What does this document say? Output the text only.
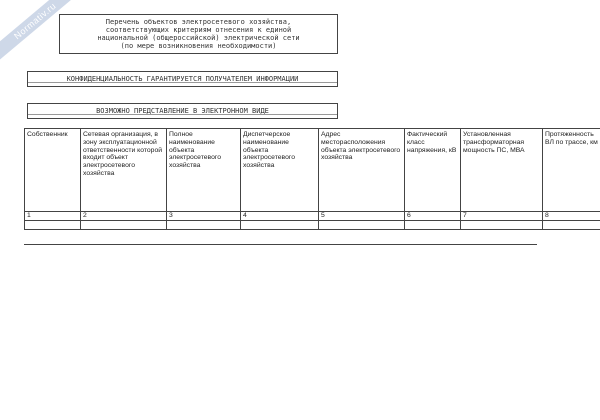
Normativ.ru	Перечень объектов электросетевого хозяйства,
соответствующих критериям отнесения к единой
национальной (общероссийской) электрической сети
(по мере возникновения необходимости)
КОНФИДЕНЦИАЛЬНОСТЬ ГАРАНТИРУЕТСЯ ПОЛУЧАТЕЛЕМ ИНФОРМАЦИИ
ВОЗМОЖНО ПРЕДСТАВЛЕНИЕ В ЭЛЕКТРОННОМ ВИДЕ
Собственник	Сетевая организация, в зону эксплуатационной ответственности которой входит объект электросетевого хозяйства	Полное наименование объекта электросетевого хозяйства	Диспетчерское наименование объекта электросетевого хозяйства	Адрес месторасположения объекта электросетевого хозяйства	Фактический класс напряжения, кВ	Установленная трансформаторная мощность ПС, МВА	Протяженность ВЛ по трассе, км
1	2	3	4	5	6	7	8
